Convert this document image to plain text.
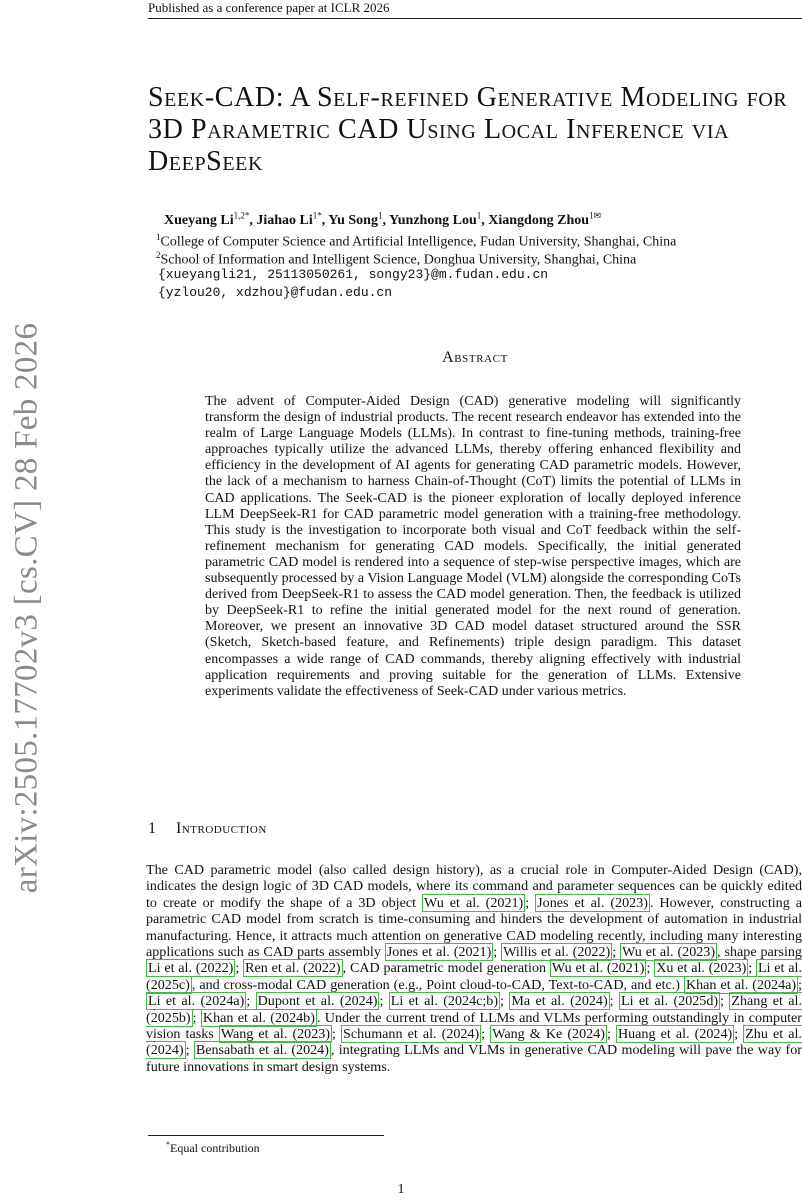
Published as a conference paper at ICLR 2026
arXiv:2505.17702v3 [cs.CV] 28 Feb 2026
Seek-CAD: A Self-refined Generative Modeling for 3D Parametric CAD Using Local Inference via DeepSeek
Xueyang $Li^{1,2*}$, Jiahao $Li^{1*}$, Yu Song$^1$, Yunzhong Lou$^1$, Xiangdong Zhou$^{1✉}$
$^1$College of Computer Science and Artificial Intelligence, Fudan University, Shanghai, China
$^2$School of Information and Intelligent Science, Donghua University, Shanghai, China
{xueyangli21, 25113050261, songy23}@m.fudan.edu.cn
{yzlou20, xdzhou}@fudan.edu.cn
Abstract

The advent of Computer-Aided Design (CAD) generative modeling will significantly transform the design of industrial products. The recent research endeavor has extended into the realm of Large Language Models (LLMs). In contrast to fine-tuning methods, training-free approaches typically utilize the advanced LLMs, thereby offering enhanced flexibility and efficiency in the development of AI agents for generating CAD parametric models. However, the lack of a mechanism to harness Chain-of-Thought (CoT) limits the potential of LLMs in CAD applications. The Seek-CAD is the pioneer exploration of locally deployed inference LLM DeepSeek-R1 for CAD parametric model generation with a training-free methodology. This study is the investigation to incorporate both visual and CoT feedback within the self-refinement mechanism for generating CAD models. Specifically, the initial generated parametric CAD model is rendered into a sequence of step-wise perspective images, which are subsequently processed by a Vision Language Model (VLM) alongside the corresponding CoTs derived from DeepSeek-R1 to assess the CAD model generation. Then, the feedback is utilized by DeepSeek-R1 to refine the initial generated model for the next round of generation. Moreover, we present an innovative 3D CAD model dataset structured around the SSR (Sketch, Sketch-based feature, and Refinements) triple design paradigm. This dataset encompasses a wide range of CAD commands, thereby aligning effectively with industrial application requirements and proving suitable for the generation of LLMs. Extensive experiments validate the effectiveness of Seek-CAD under various metrics.

1 Introduction

The CAD parametric model (also called design history), as a crucial role in Computer-Aided Design (CAD), indicates the design logic of 3D CAD models, where its command and parameter sequences can be quickly edited to create or modify the shape of a 3D object Wu et al. (2021) ; Jones et al. (2023) . However, constructing a parametric CAD model from scratch is time-consuming and hinders the development of automation in industrial manufacturing. Hence, it attracts much attention on generative CAD modeling recently, including many interesting applications such as CAD parts assembly Jones et al. (2021) ; Willis et al. (2022) ; Wu et al. (2023) , shape parsing Li et al. (2022) ; Ren et al. (2022) , CAD parametric model generation Wu et al. (2021) ; Xu et al. (2023) ; Li et al. (2025c) , and cross-modal CAD generation (e.g., Point cloud-to-CAD, Text-to-CAD, and etc.) Khan et al. (2024a) ; Li et al. (2024a) ; Dupont et al. (2024) ; Li et al. (2024c;b) ; Ma et al. (2024) ; Li et al. (2025d) ; Zhang et al. (2025b) ; Khan et al. (2024b) . Under the current trend of LLMs and VLMs performing outstandingly in computer vision tasks Wang et al. (2023) ; Schumann et al. (2024) ; Wang & Ke (2024) ; Huang et al. (2024) ; Zhu et al. (2024) ; Bensabath et al. (2024) , integrating LLMs and VLMs in generative CAD modeling will pave the way for future innovations in smart design systems.

*Equal contribution
1
